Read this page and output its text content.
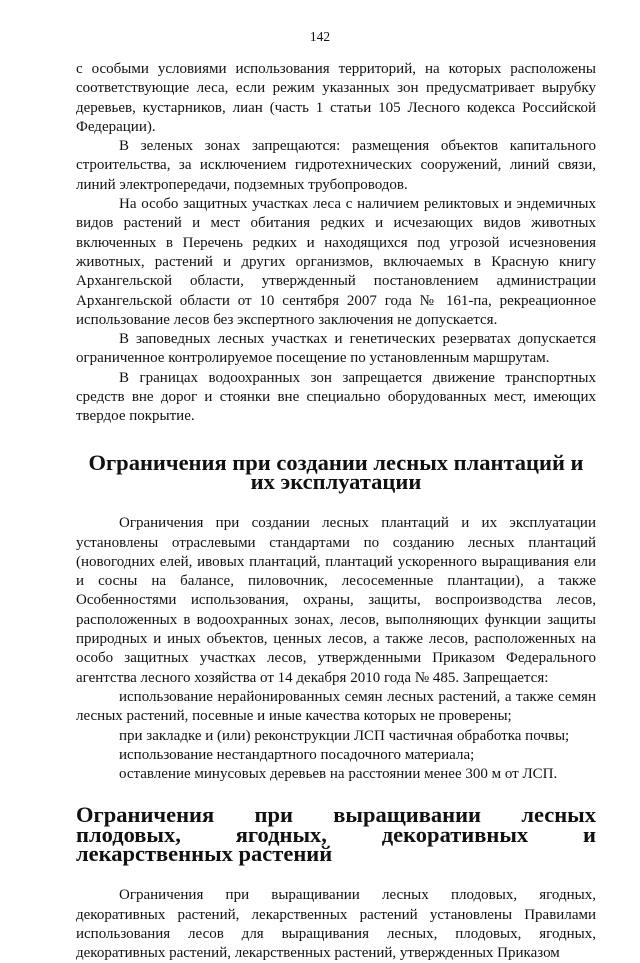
142

с особыми условиями использования территорий, на которых расположены соответствующие леса, если режим указанных зон предусматривает вырубку деревьев, кустарников, лиан (часть 1 статьи 105 Лесного кодекса Российской Федерации).

В зеленых зонах запрещаются: размещения объектов капитального строительства, за исключением гидротехнических сооружений, линий связи, линий электропередачи, подземных трубопроводов.

На особо защитных участках леса с наличием реликтовых и эндемичных видов растений и мест обитания редких и исчезающих видов животных включенных в Перечень редких и находящихся под угрозой исчезновения животных, растений и других организмов, включаемых в Красную книгу Архангельской области, утвержденный постановлением администрации Архангельской области от 10 сентября 2007 года № 161-па, рекреационное использование лесов без экспертного заключения не допускается.

В заповедных лесных участках и генетических резерватах допускается ограниченное контролируемое посещение по установленным маршрутам.

В границах водоохранных зон запрещается движение транспортных средств вне дорог и стоянки вне специально оборудованных мест, имеющих твердое покрытие.

Ограничения при создании лесных плантаций и их эксплуатации

Ограничения при создании лесных плантаций и их эксплуатации установлены отраслевыми стандартами по созданию лесных плантаций (новогодних елей, ивовых плантаций, плантаций ускоренного выращивания ели и сосны на балансе, пиловочник, лесосеменные плантации), а также Особенностями использования, охраны, защиты, воспроизводства лесов, расположенных в водоохранных зонах, лесов, выполняющих функции защиты природных и иных объектов, ценных лесов, а также лесов, расположенных на особо защитных участках лесов, утвержденными Приказом Федерального агентства лесного хозяйства от 14 декабря 2010 года № 485. Запрещается:

использование нерайонированных семян лесных растений, а также семян лесных растений, посевные и иные качества которых не проверены;

при закладке и (или) реконструкции ЛСП частичная обработка почвы;

использование нестандартного посадочного материала;

оставление минусовых деревьев на расстоянии менее 300 м от ЛСП.

Ограничения при выращивании лесных плодовых, ягодных, декоративных и лекарственных растений

Ограничения при выращивании лесных плодовых, ягодных, декоративных растений, лекарственных растений установлены Правилами использования лесов для выращивания лесных, плодовых, ягодных, декоративных растений, лекарственных растений, утвержденных Приказом
